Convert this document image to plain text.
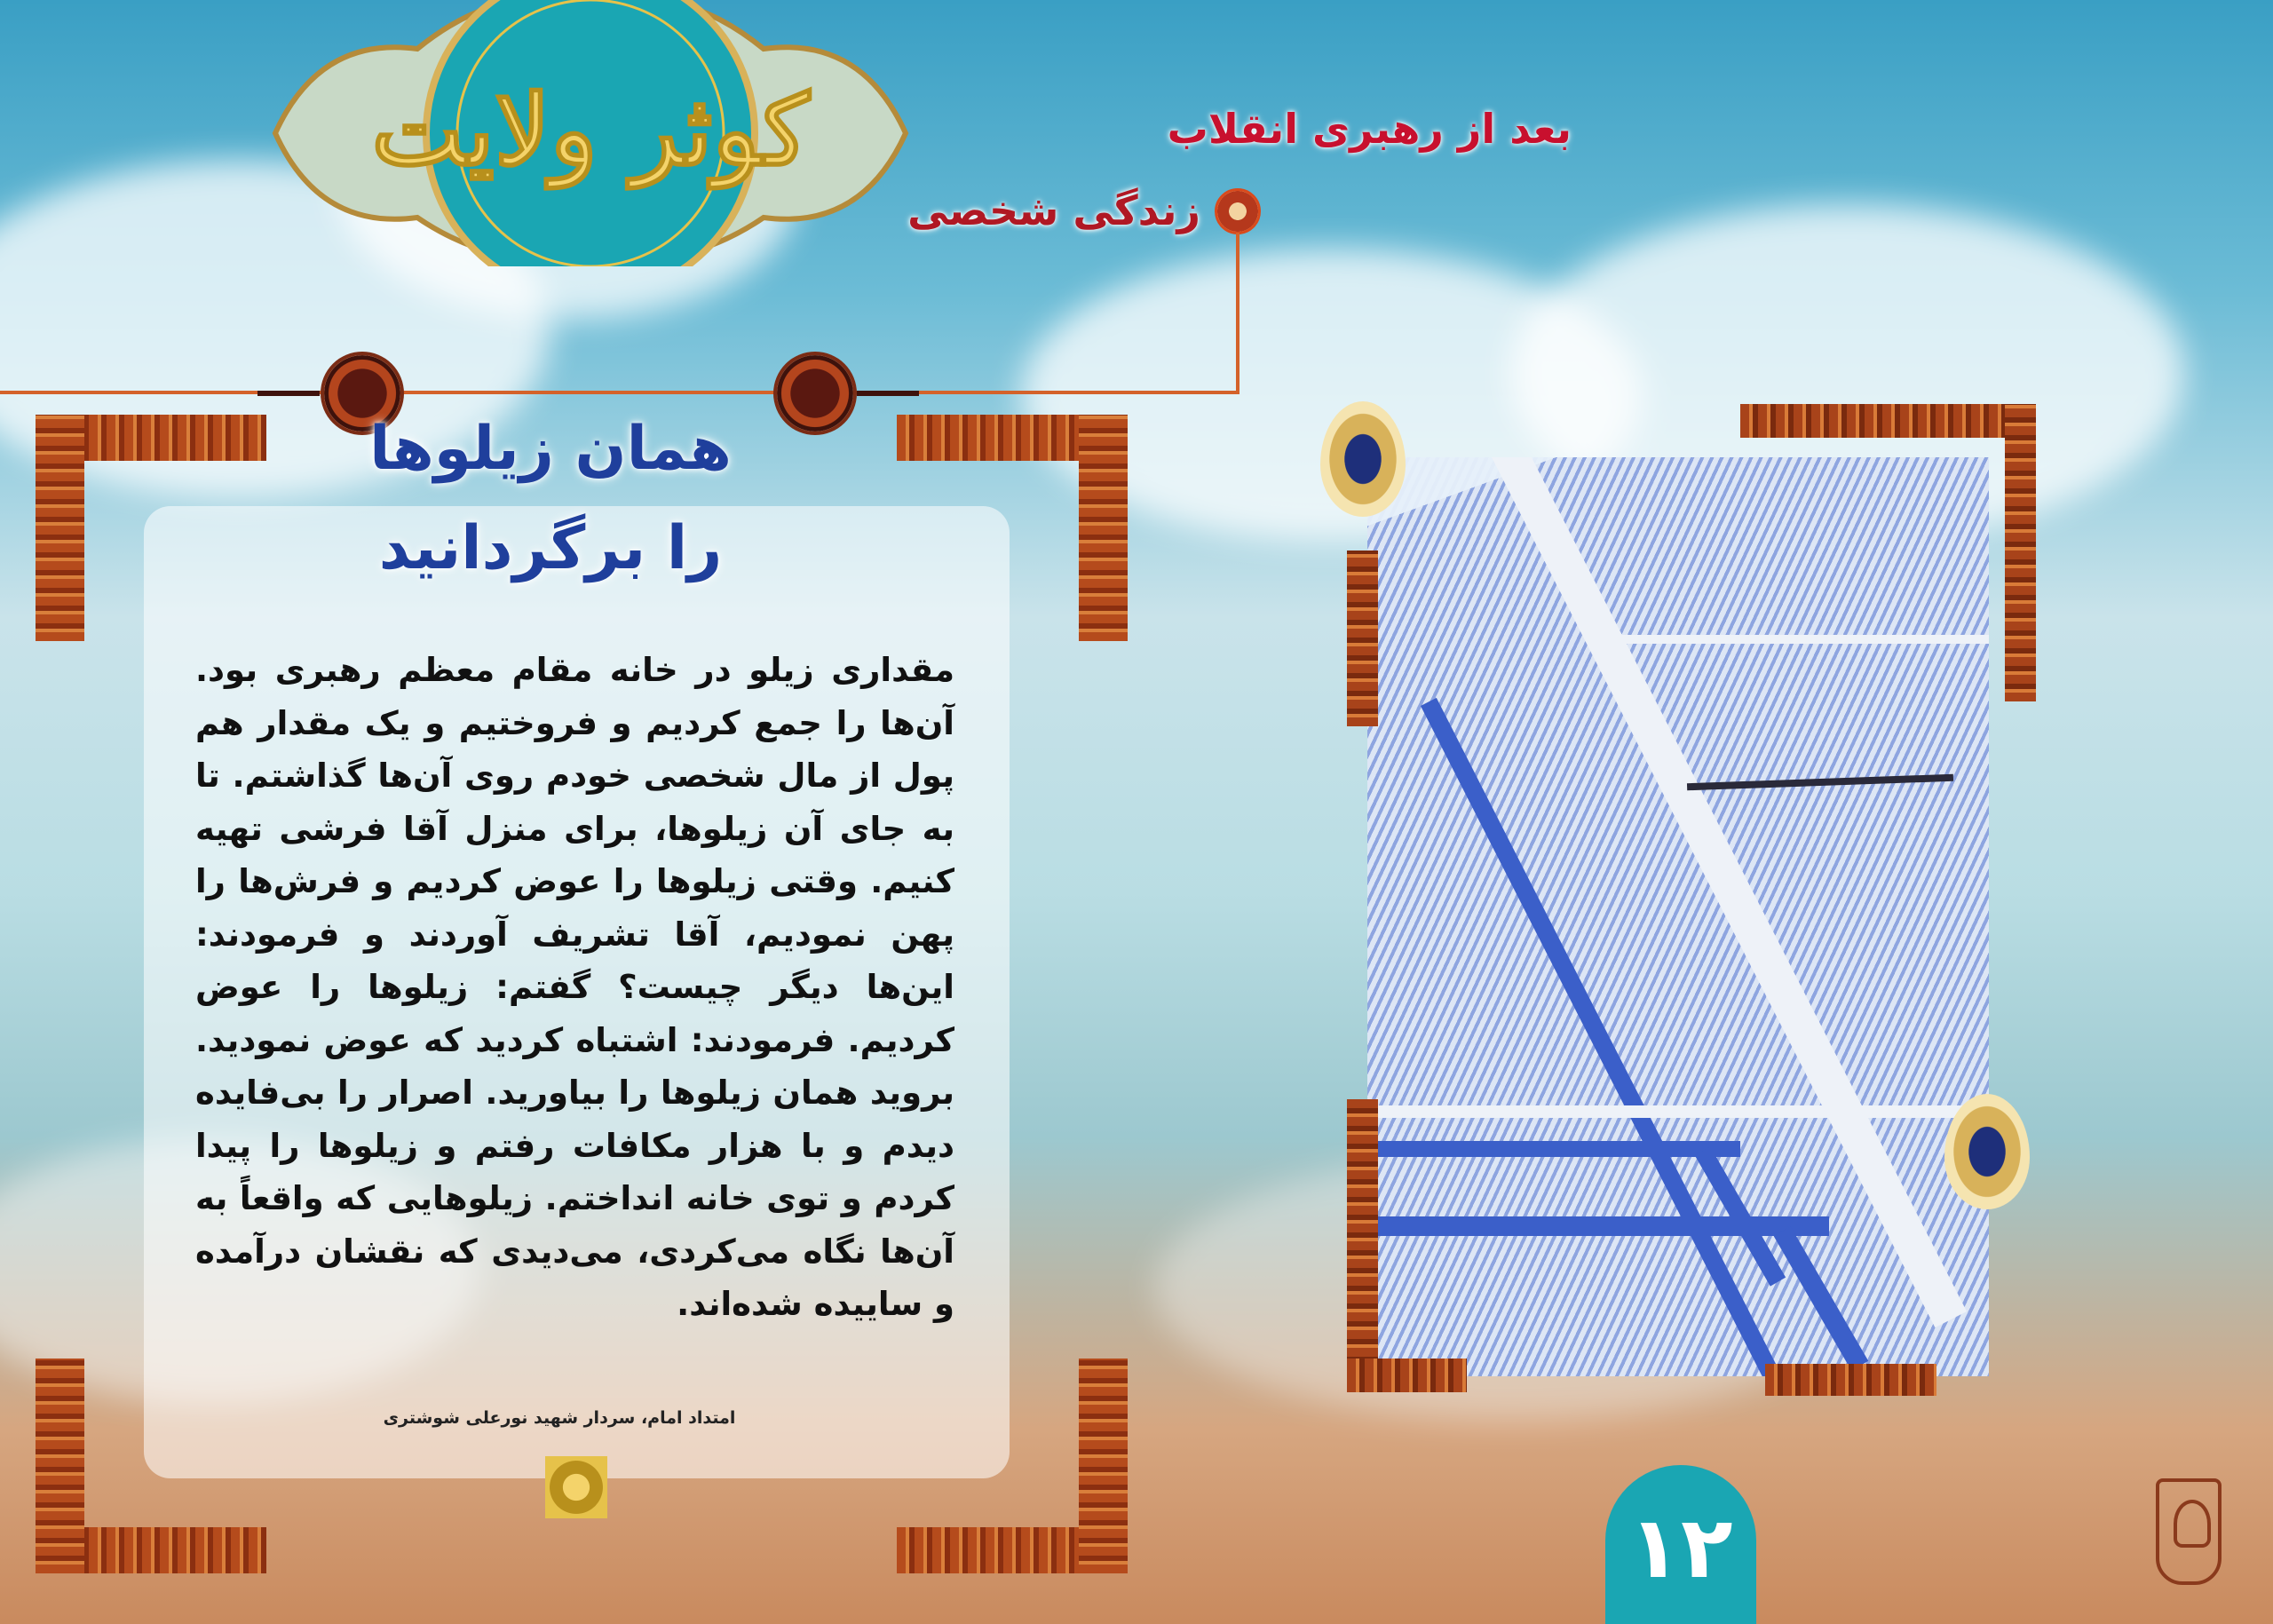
کوثر ولایت	بعد از رهبری انقلاب
زندگی شخصی
همان زیلوها
را برگردانید
مقداری زیلو در خانه مقام معظم رهبری بود. آن‌ها را جمع کردیم و فروختیم و یک مقدار هم پول از مال شخصی خودم روی آن‌ها گذاشتم. تا به جای آن زیلوها، برای منزل آقا فرشی تهیه کنیم. وقتی زیلوها را عوض کردیم و فرش‌ها را پهن نمودیم، آقا تشریف آوردند و فرمودند: این‌ها دیگر چیست؟ گفتم: زیلوها را عوض کردیم. فرمودند: اشتباه کردید که عوض نمودید. بروید همان زیلوها را بیاورید. اصرار را بی‌فایده دیدم و با هزار مکافات رفتم و زیلوها را پیدا کردم و توی خانه انداختم. زیلوهایی که واقعاً به آن‌ها نگاه می‌کردی، می‌دیدی که نقشان درآمده و ساییده شده‌اند.
امتداد امام، سردار شهید نورعلی شوشتری
۱۲
